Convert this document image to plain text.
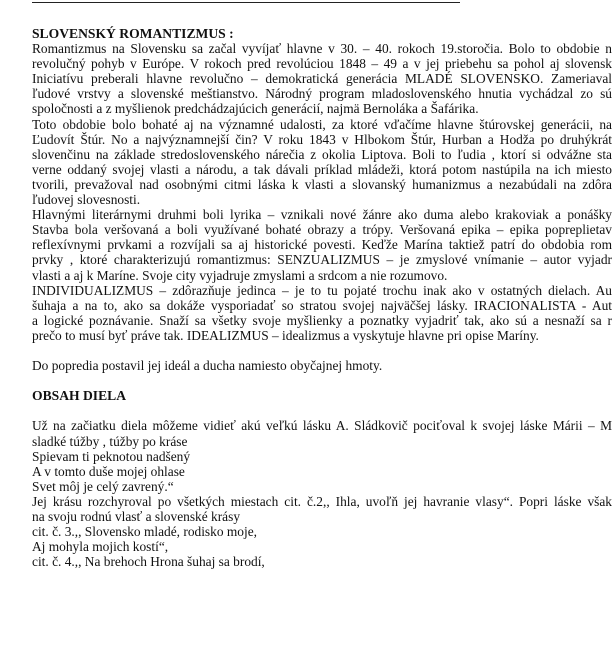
SLOVENSKÝ ROMANTIZMUS :
Romantizmus na Slovensku sa začal vyvíjať hlavne v 30. – 40. rokoch 19.storočia. Bolo to obdobie n
revolučný pohyb v Európe. V rokoch pred revolúciou 1848 – 49 a v jej priebehu sa pohol aj slovensk
Iniciatívu preberali hlavne revolučno – demokratická generácia MLADÉ SLOVENSKO. Zameriaval
ľudové vrstvy a slovenské meštianstvo. Národný program mladoslovenského hnutia vychádzal zo sú
spoločnosti a z myšlienok predchádzajúcich generácií, najmä Bernoláka a Šafárika.
Toto obdobie bolo bohaté aj na významné udalosti, za ktoré vďačíme hlavne štúrovskej generácii, na
Ľudovít Štúr. No a najvýznamnejší čin? V roku 1843 v Hlbokom Štúr, Hurban a Hodža po druhýkrát
slovenčinu na základe stredoslovenského nárečia z okolia Liptova. Boli to ľudia , ktorí si odvážne sta
verne oddaný svojej vlasti a národu, a tak dávali príklad mládeži, ktorá potom nastúpila na ich miesto
tvorili, prevažoval nad osobnými citmi láska k vlasti a slovanský humanizmus a nezabúdali na zdôra
ľudovej slovesnosti.
Hlavnými literárnymi druhmi boli lyrika – vznikali nové žánre ako duma alebo krakoviak a ponášky
Stavba bola veršovaná a boli využívané bohaté obrazy a trópy. Veršovaná epika – epika popreplietav
reflexívnymi prvkami a rozvíjali sa aj historické povesti. Keďže Marína taktiež patrí do obdobia rom
prvky , ktoré charakterizujú romantizmus: SENZUALIZMUS – je zmyslové vnímanie – autor vyjadr
vlasti a aj k Maríne. Svoje city vyjadruje zmyslami a srdcom a nie rozumovo.
INDIVIDUALIZMUS – zdôrazňuje jedinca – je to tu pojaté trochu inak ako v ostatných dielach. Au
šuhaja a na to, ako sa dokáže vysporiadať so stratou svojej najväčšej lásky. IRACIONALISTA - Aut
a logické poznávanie. Snaží sa všetky svoje myšlienky a poznatky vyjadriť tak, ako sú a nesnaží sa r
prečo to musí byť práve tak. IDEALIZMUS – idealizmus a vyskytuje hlavne pri opise Maríny.
Do popredia postavil jej ideál a ducha namiesto obyčajnej hmoty.
OBSAH DIELA
Už na začiatku diela môžeme vidieť akú veľkú lásku A. Sládkovič pociťoval k svojej láske Márii – M
sladké túžby , túžby po kráse
Spievam ti peknotou nadšený
A v tomto duše mojej ohlase
Svet môj je celý zavrený.“
Jej krásu rozchyroval po všetkých miestach cit. č.2,, Ihla, uvoľň jej havranie vlasy“. Popri láske však
na svoju rodnú vlasť a slovenské krásy
cit. č. 3.,, Slovensko mladé, rodisko moje,
Aj mohyla mojich kostí“,
cit. č. 4.,, Na brehoch Hrona šuhaj sa brodí,
